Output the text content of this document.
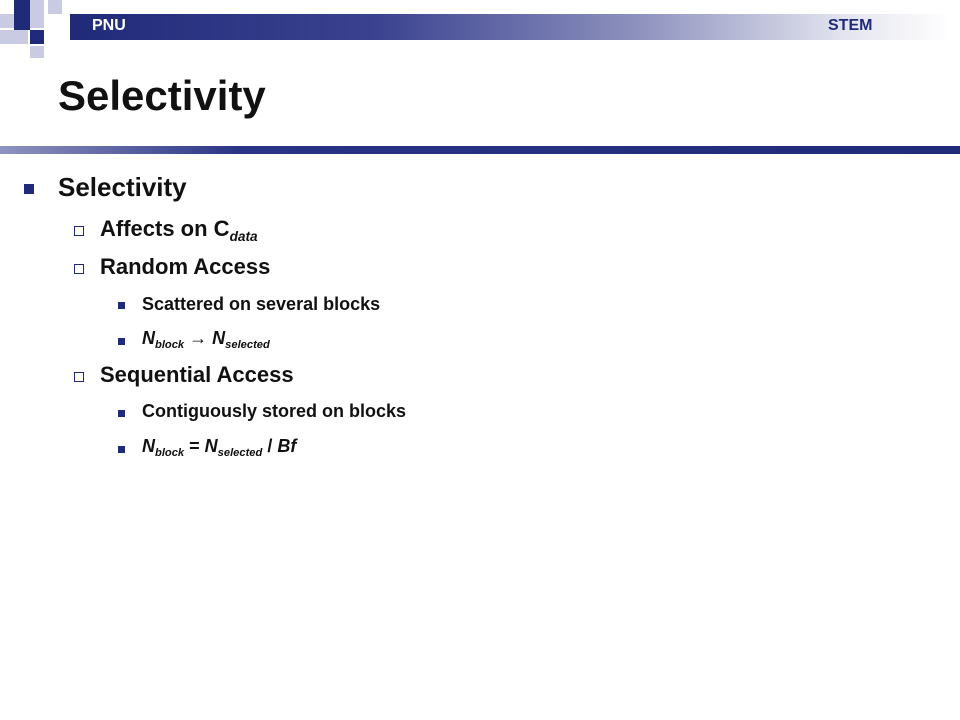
PNU	STEM
Selectivity
Selectivity
Affects on $C_{data}$
Random Access
Scattered on several blocks
$N_{block} \to N_{selected}$
Sequential Access
Contiguously stored on blocks
$N_{block} = N_{selected} / Bf$
